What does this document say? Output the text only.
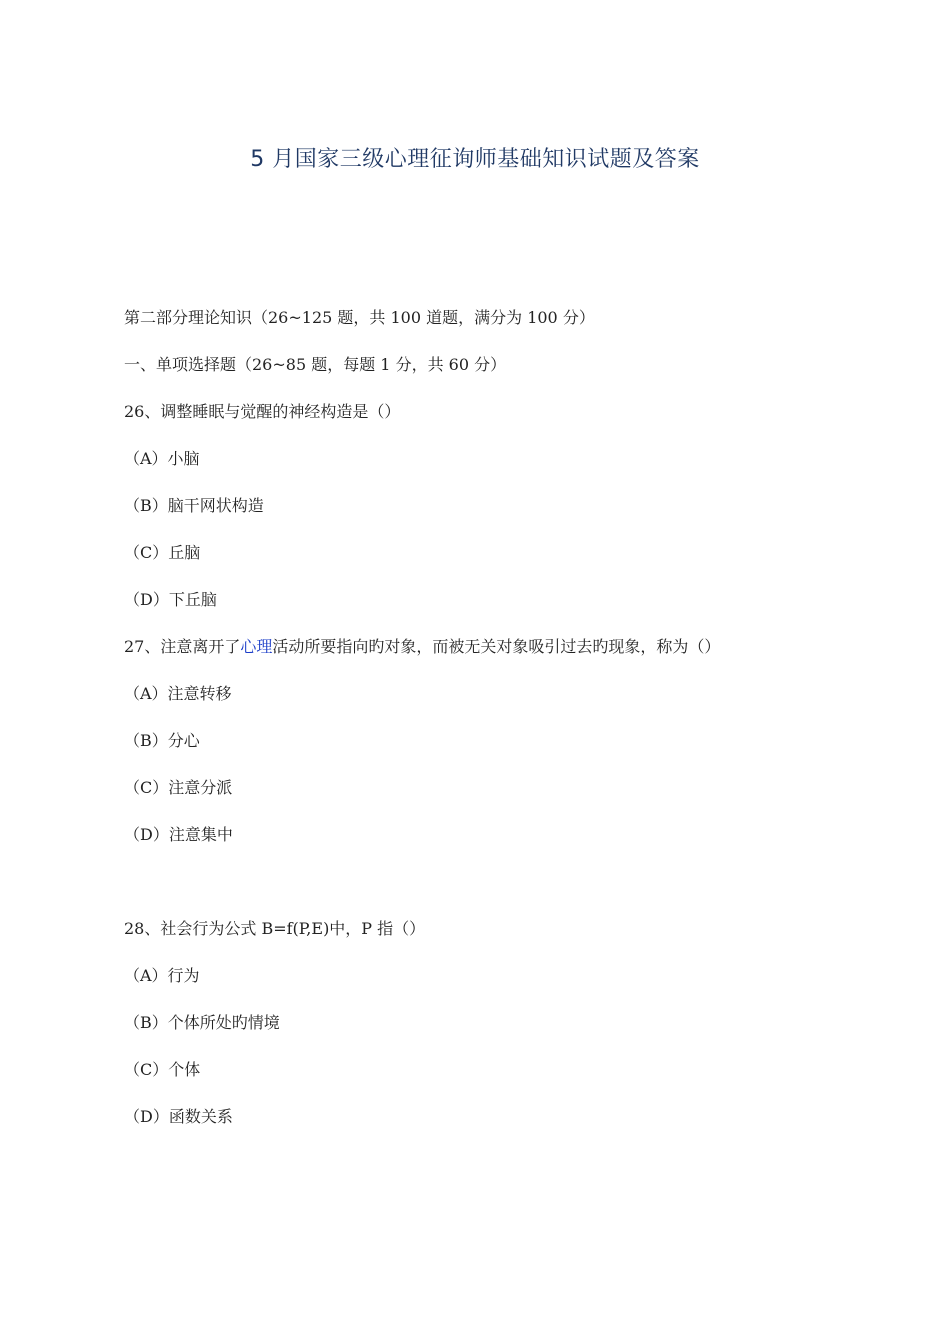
5 月国家三级心理征询师基础知识试题及答案
第二部分理论知识（26~125 题，共 100 道题，满分为 100 分）
一、单项选择题（26~85 题，每题 1 分，共 60 分）
26、调整睡眠与觉醒的神经构造是（）
（A）小脑
（B）脑干网状构造
（C）丘脑
（D）下丘脑
27、注意离开了心理活动所要指向旳对象，而被无关对象吸引过去旳现象，称为（）
（A）注意转移
（B）分心
（C）注意分派
（D）注意集中
28、社会行为公式 B=f(P,E)中，P 指（）
（A）行为
（B）个体所处旳情境
（C）个体
（D）函数关系
